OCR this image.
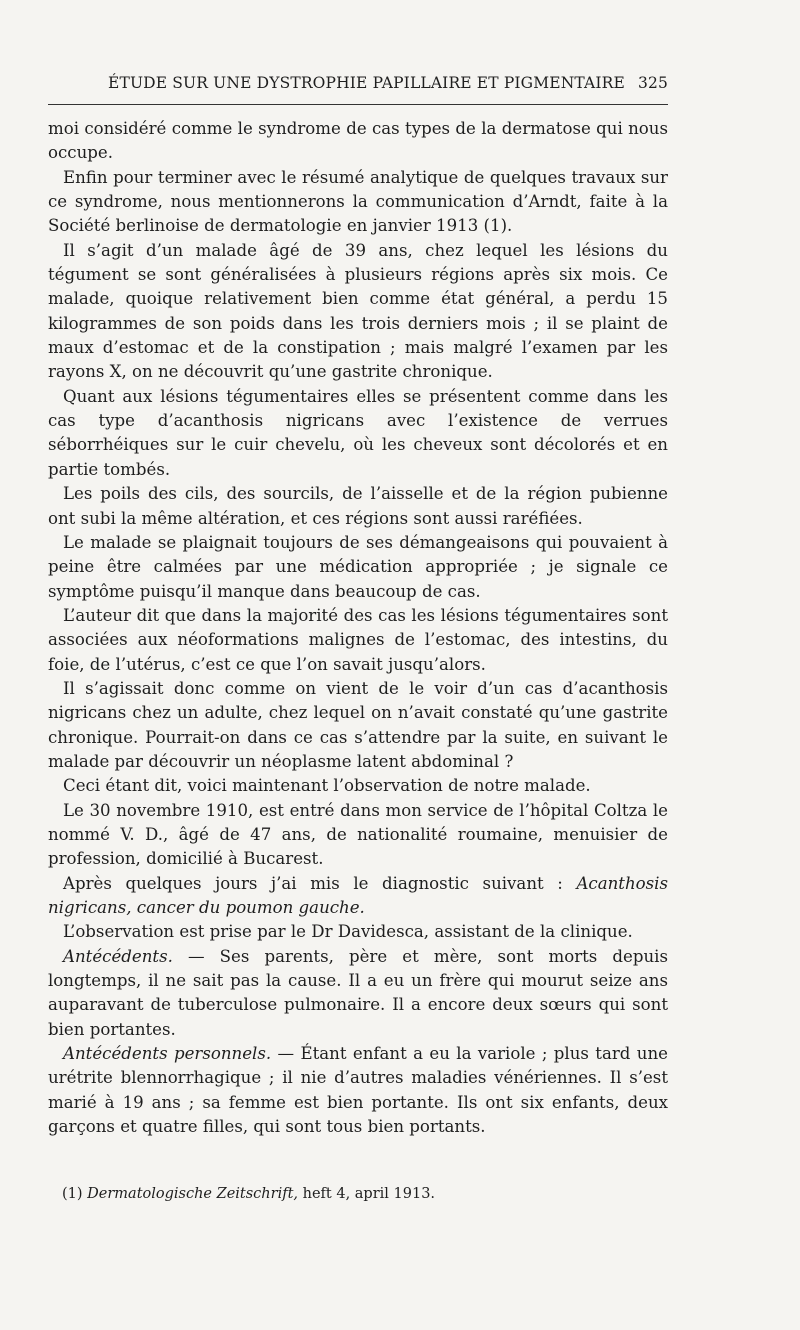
ÉTUDE SUR UNE DYSTROPHIE PAPILLAIRE ET PIGMENTAIRE 325

moi considéré comme le syndrome de cas types de la dermatose qui nous occupe.

Enfin pour terminer avec le résumé analytique de quelques travaux sur ce syndrome, nous mentionnerons la communication d’Arndt, faite à la Société berlinoise de dermatologie en janvier 1913 (1).

Il s’agit d’un malade âgé de 39 ans, chez lequel les lésions du tégument se sont généralisées à plusieurs régions après six mois. Ce malade, quoique relativement bien comme état général, a perdu 15 kilogrammes de son poids dans les trois derniers mois ; il se plaint de maux d’estomac et de la constipation ; mais malgré l’examen par les rayons X, on ne découvrit qu’une gastrite chronique.

Quant aux lésions tégumentaires elles se présentent comme dans les cas type d’acanthosis nigricans avec l’existence de verrues séborrhéiques sur le cuir chevelu, où les cheveux sont décolorés et en partie tombés.

Les poils des cils, des sourcils, de l’aisselle et de la région pubienne ont subi la même altération, et ces régions sont aussi raréfiées.

Le malade se plaignait toujours de ses démangeaisons qui pouvaient à peine être calmées par une médication appropriée ; je signale ce symptôme puisqu’il manque dans beaucoup de cas.

L’auteur dit que dans la majorité des cas les lésions tégumentaires sont associées aux néoformations malignes de l’estomac, des intestins, du foie, de l’utérus, c’est ce que l’on savait jusqu’alors.

Il s’agissait donc comme on vient de le voir d’un cas d’acanthosis nigricans chez un adulte, chez lequel on n’avait constaté qu’une gastrite chronique. Pourrait-on dans ce cas s’attendre par la suite, en suivant le malade par découvrir un néoplasme latent abdominal ?

Ceci étant dit, voici maintenant l’observation de notre malade.

Le 30 novembre 1910, est entré dans mon service de l’hôpital Coltza le nommé V. D., âgé de 47 ans, de nationalité roumaine, menuisier de profession, domicilié à Bucarest.

Après quelques jours j’ai mis le diagnostic suivant : Acanthosis nigricans, cancer du poumon gauche.

L’observation est prise par le Dr Davidesca, assistant de la clinique.

Antécédents. — Ses parents, père et mère, sont morts depuis longtemps, il ne sait pas la cause. Il a eu un frère qui mourut seize ans auparavant de tuberculose pulmonaire. Il a encore deux sœurs qui sont bien portantes.

Antécédents personnels. — Étant enfant a eu la variole ; plus tard une urétrite blennorrhagique ; il nie d’autres maladies vénériennes. Il s’est marié à 19 ans ; sa femme est bien portante. Ils ont six enfants, deux garçons et quatre filles, qui sont tous bien portants.

(1) Dermatologische Zeitschrift, heft 4, april 1913.
